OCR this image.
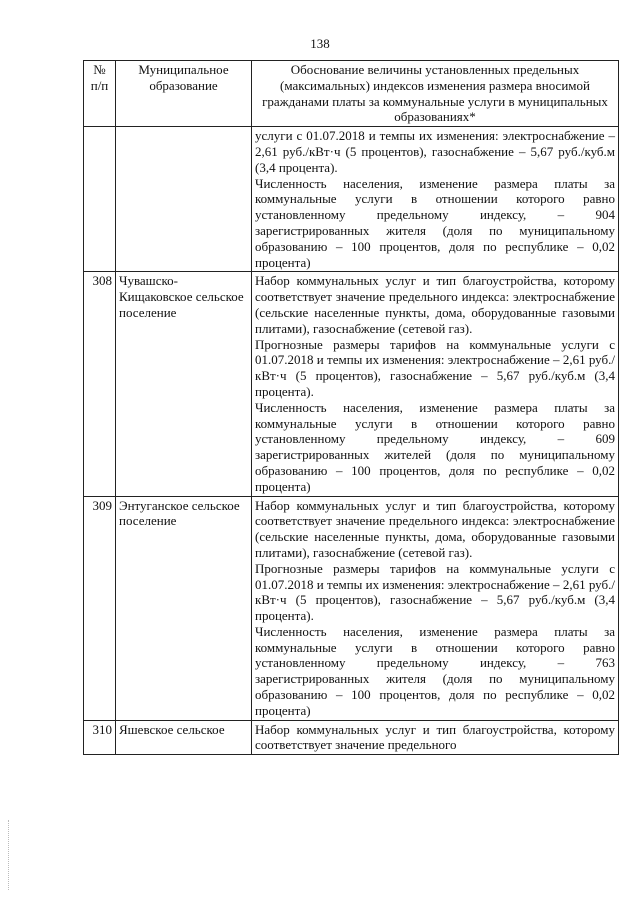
138
№ п/п	Муниципальное образование	Обоснование величины установленных предельных (максимальных) индексов изменения размера вносимой гражданами платы за коммунальные услуги в муниципальных образованиях*

		услуги с 01.07.2018 и темпы их изменения: электроснабжение – 2,61 руб./кВт·ч (5 процентов), газоснабжение – 5,67 руб./куб.м (3,4 процента).

Численность населения, изменение размера платы за коммунальные услуги в отношении которого равно установленному предельному индексу, – 904 зарегистрированных жителя (доля по муниципальному образованию – 100 процентов, доля по республике – 0,02 процента)

308	Чувашско-Кищаковское сельское поселение	Набор коммунальных услуг и тип благоустройства, которому соответствует значение предельного индекса: электроснабжение (сельские населенные пункты, дома, оборудованные газовыми плитами), газоснабжение (сетевой газ).

Прогнозные размеры тарифов на коммунальные услуги с 01.07.2018 и темпы их изменения: электроснабжение – 2,61 руб./кВт·ч (5 процентов), газоснабжение – 5,67 руб./куб.м (3,4 процента).

Численность населения, изменение размера платы за коммунальные услуги в отношении которого равно установленному предельному индексу, – 609 зарегистрированных жителей (доля по муниципальному образованию – 100 процентов, доля по республике – 0,02 процента)

309	Энтуганское сельское поселение	Набор коммунальных услуг и тип благоустройства, которому соответствует значение предельного индекса: электроснабжение (сельские населенные пункты, дома, оборудованные газовыми плитами), газоснабжение (сетевой газ).

Прогнозные размеры тарифов на коммунальные услуги с 01.07.2018 и темпы их изменения: электроснабжение – 2,61 руб./кВт·ч (5 процентов), газоснабжение – 5,67 руб./куб.м (3,4 процента).

Численность населения, изменение размера платы за коммунальные услуги в отношении которого равно установленному предельному индексу, – 763 зарегистрированных жителя (доля по муниципальному образованию – 100 процентов, доля по республике – 0,02 процента)

310	Яшевское сельское	Набор коммунальных услуг и тип благоустройства, которому соответствует значение предельного
